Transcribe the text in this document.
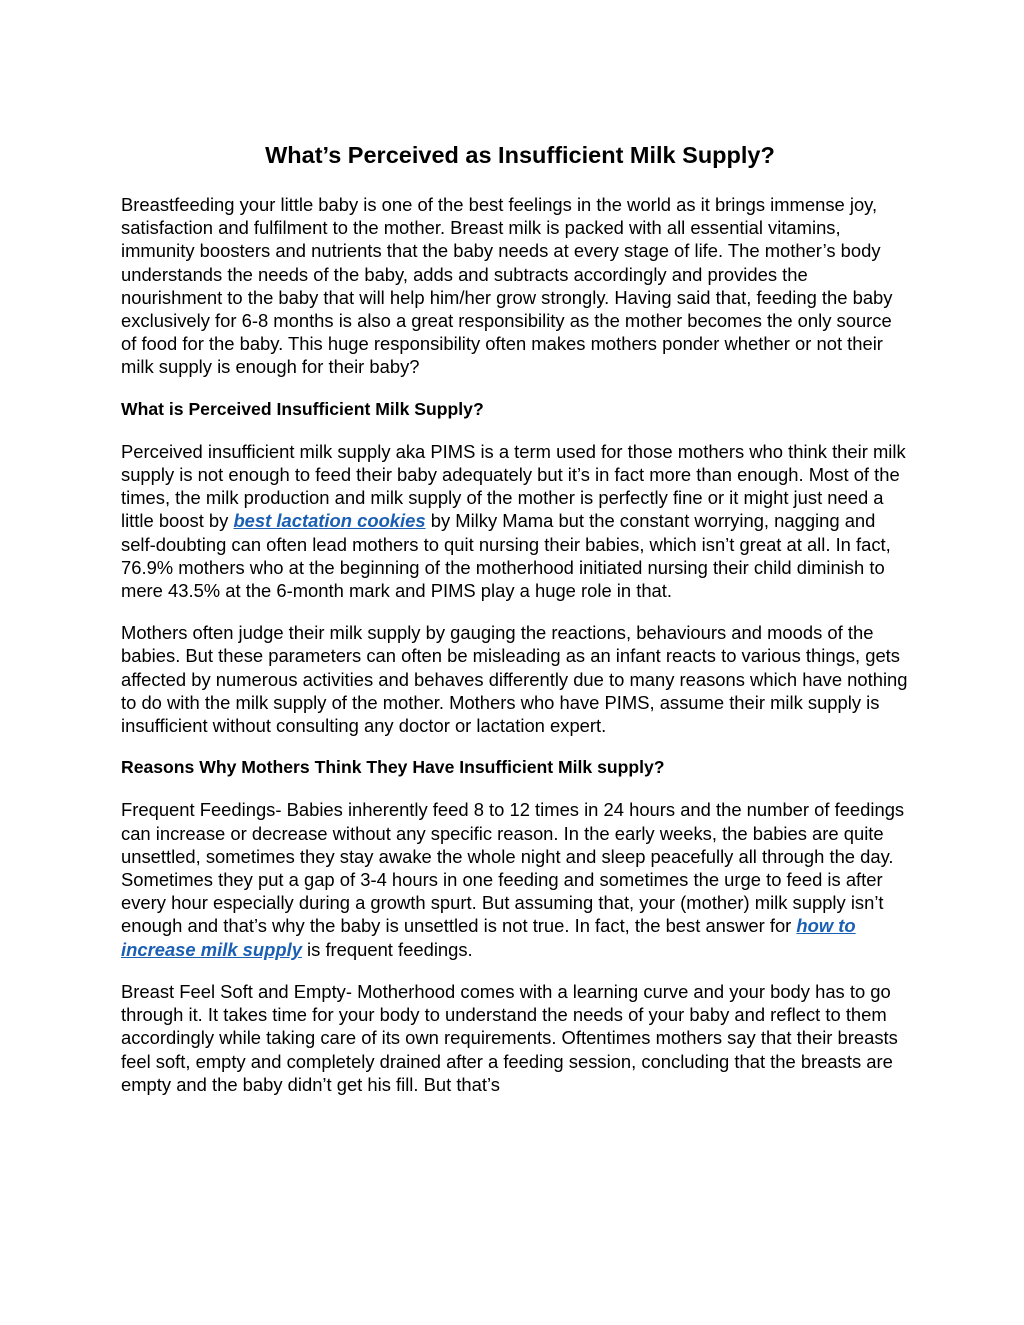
What’s Perceived as Insufficient Milk Supply?

Breastfeeding your little baby is one of the best feelings in the world as it brings immense joy, satisfaction and fulfilment to the mother. Breast milk is packed with all essential vitamins, immunity boosters and nutrients that the baby needs at every stage of life. The mother’s body understands the needs of the baby, adds and subtracts accordingly and provides the nourishment to the baby that will help him/her grow strongly. Having said that, feeding the baby exclusively for 6-8 months is also a great responsibility as the mother becomes the only source of food for the baby. This huge responsibility often makes mothers ponder whether or not their milk supply is enough for their baby?

What is Perceived Insufficient Milk Supply?

Perceived insufficient milk supply aka PIMS is a term used for those mothers who think their milk supply is not enough to feed their baby adequately but it’s in fact more than enough. Most of the times, the milk production and milk supply of the mother is perfectly fine or it might just need a little boost by best lactation cookies by Milky Mama but the constant worrying, nagging and self-doubting can often lead mothers to quit nursing their babies, which isn’t great at all. In fact, 76.9% mothers who at the beginning of the motherhood initiated nursing their child diminish to mere 43.5% at the 6-month mark and PIMS play a huge role in that.

Mothers often judge their milk supply by gauging the reactions, behaviours and moods of the babies. But these parameters can often be misleading as an infant reacts to various things, gets affected by numerous activities and behaves differently due to many reasons which have nothing to do with the milk supply of the mother. Mothers who have PIMS, assume their milk supply is insufficient without consulting any doctor or lactation expert.

Reasons Why Mothers Think They Have Insufficient Milk supply?

Frequent Feedings- Babies inherently feed 8 to 12 times in 24 hours and the number of feedings can increase or decrease without any specific reason. In the early weeks, the babies are quite unsettled, sometimes they stay awake the whole night and sleep peacefully all through the day. Sometimes they put a gap of 3-4 hours in one feeding and sometimes the urge to feed is after every hour especially during a growth spurt. But assuming that, your (mother) milk supply isn’t enough and that’s why the baby is unsettled is not true. In fact, the best answer for how to increase milk supply is frequent feedings.

Breast Feel Soft and Empty- Motherhood comes with a learning curve and your body has to go through it. It takes time for your body to understand the needs of your baby and reflect to them accordingly while taking care of its own requirements. Oftentimes mothers say that their breasts feel soft, empty and completely drained after a feeding session, concluding that the breasts are empty and the baby didn’t get his fill. But that’s
